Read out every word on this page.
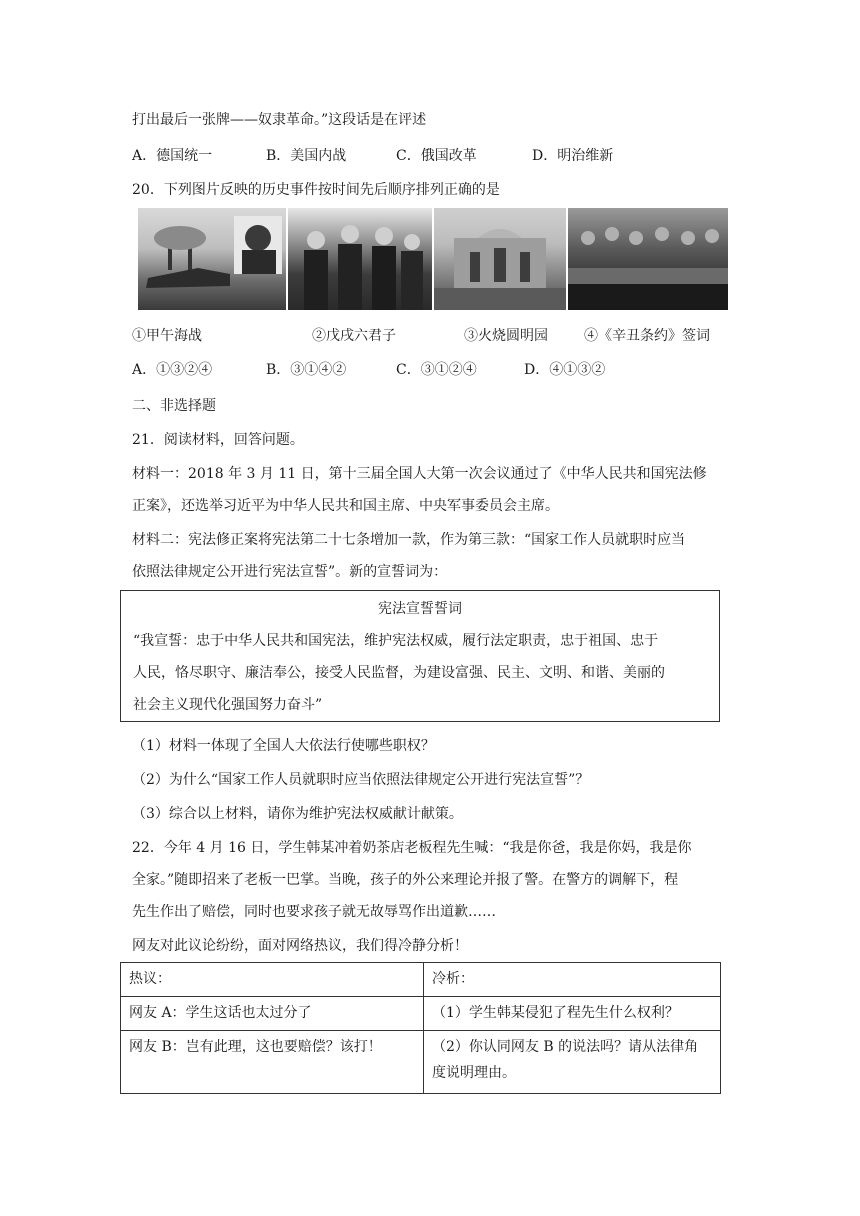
打出最后一张牌——奴隶革命。”这段话是在评述
A．德国统一	B．美国内战	C．俄国改革	D．明治维新
20．下列图片反映的历史事件按时间先后顺序排列正确的是
①甲午海战	②戊戌六君子	③火烧圆明园	④《辛丑条约》签词
A．①③②④	B．③①④②	C．③①②④	D．④①③②
二、非选择题
21．阅读材料，回答问题。
材料一：2018 年 3 月 11 日，第十三届全国人大第一次会议通过了《中华人民共和国宪法修
正案》，还选举习近平为中华人民共和国主席、中央军事委员会主席。
材料二：宪法修正案将宪法第二十七条增加一款，作为第三款：“国家工作人员就职时应当
依照法律规定公开进行宪法宣誓”。新的宣誓词为：
宪法宣誓誓词
“我宣誓：忠于中华人民共和国宪法，维护宪法权威，履行法定职责，忠于祖国、忠于
人民，恪尽职守、廉洁奉公，接受人民监督，为建设富强、民主、文明、和谐、美丽的
社会主义现代化强国努力奋斗”
（1）材料一体现了全国人大依法行使哪些职权？
（2）为什么“国家工作人员就职时应当依照法律规定公开进行宪法宣誓”？
（3）综合以上材料，请你为维护宪法权威献计献策。
22．今年 4 月 16 日，学生韩某冲着奶茶店老板程先生喊：“我是你爸，我是你妈，我是你
全家。”随即招来了老板一巴掌。当晚，孩子的外公来理论并报了警。在警方的调解下，程
先生作出了赔偿，同时也要求孩子就无故辱骂作出道歉……
网友对此议论纷纷，面对网络热议，我们得冷静分析！

热议：	冷析：

网友 A：学生这话也太过分了	（1）学生韩某侵犯了程先生什么权利？

网友 B：岂有此理，这也要赔偿？该打！	（2）你认同网友 B 的说法吗？请从法律角

度说明理由。
